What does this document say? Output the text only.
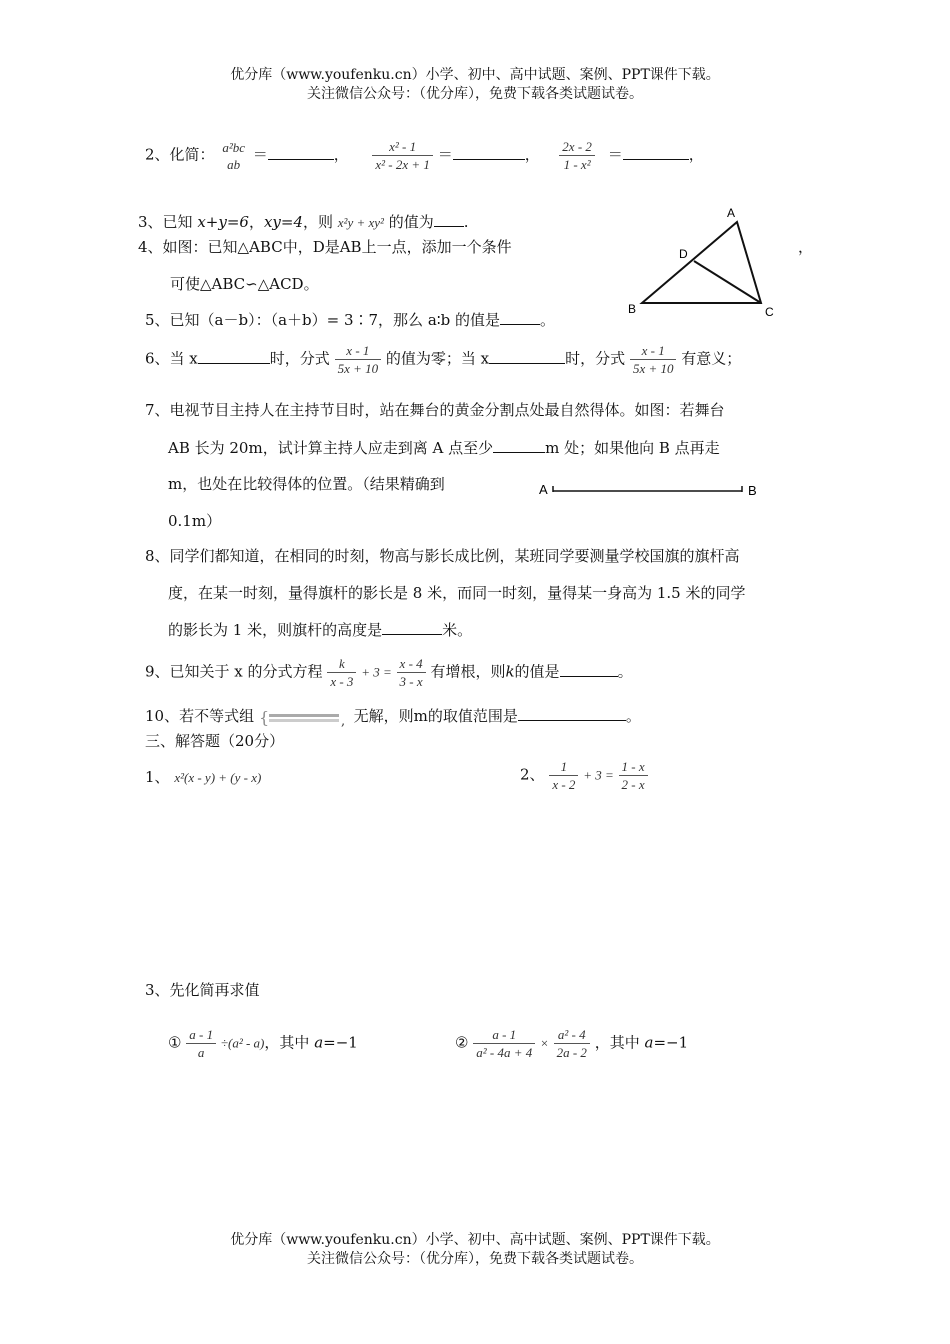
优分库（www.youfenku.cn）小学、初中、高中试题、案例、PPT课件下载。
关注微信公众号：（优分库），免费下载各类试题试卷。
2、化简： a²bc
ab
＝	， $\frac{\text{x² - 1}}{\text{x² - 2x + 1}}$ ＝	， $\frac{2x - 2}{\text{1 - x²}}$ ＝	，
3、已知 x+y=6，xy=4，则 x²y + xy² 的值为 .
4、如图：已知△ABC中，D是AB上一点，添加一个条件	，
可使△ABC∽△ACD。
A
D
B	C
5、已知（a－b）：（a＋b）= 3∶7，那么 a∶b 的值是	。
6、当 x	时，分式 $\frac{x - 1}{5x + 10}$ 的值为零；当 x	时，分式 $\frac{x - 1}{5x + 10}$ 有意义；
7、电视节目主持人在主持节目时，站在舞台的黄金分割点处最自然得体。如图：若舞台
AB 长为 20m，试计算主持人应走到离 A 点至少	m 处；如果他向 B 点再走
m，也处在比较得体的位置。（结果精确到
0.1m）
A	B
8、同学们都知道，在相同的时刻，物高与影长成比例，某班同学要测量学校国旗的旗杆高
度，在某一时刻，量得旗杆的影长是 8 米，而同一时刻，量得某一身高为 1.5 米的同学
的影长为 1 米，则旗杆的高度是	米。
9、已知关于 x 的分式方程 $\frac{k}{x - 3} + 3 = \frac{x - 4}{3 - x}$ 有增根，则k的值是	。
10、若不等式组 {	, 无解，则m的取值范围是	。
三、解答题（20分）
1、 x²(x - y) + (y - x)	2、 $\frac{1}{x - 2} + 3 = \frac{1 - x}{2 - x}$
3、先化简再求值
① $\frac{a - 1}{a} \div(a^2 - a)$，其中 a=−1	② $\frac{a - 1}{\text{a² - 4a + 4}} \times \frac{\text{a² - 4}}{2a - 2}$ ，其中 a=−1
优分库（www.youfenku.cn）小学、初中、高中试题、案例、PPT课件下载。
关注微信公众号：（优分库），免费下载各类试题试卷。
